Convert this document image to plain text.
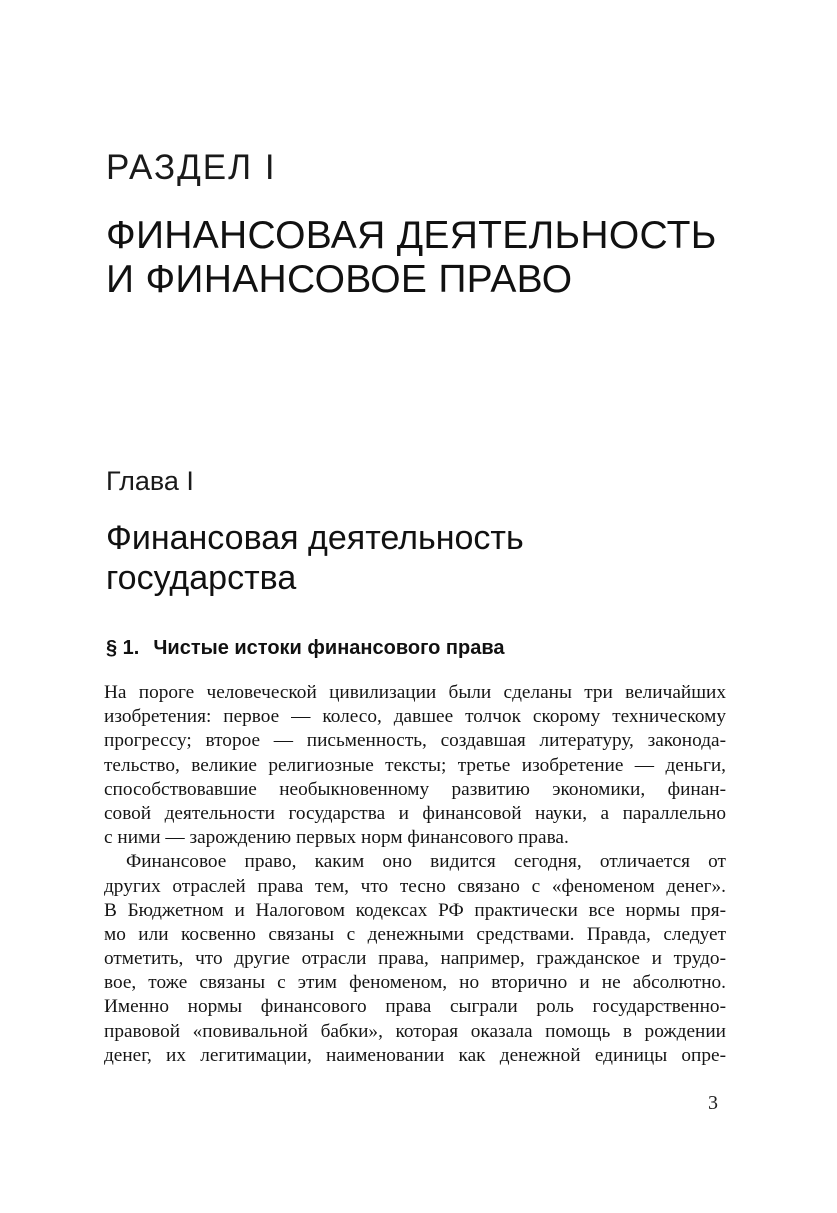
РАЗДЕЛ I
ФИНАНСОВАЯ ДЕЯТЕЛЬНОСТЬ
И ФИНАНСОВОЕ ПРАВО
Глава I
Финансовая деятельность
государства
§ 1. Чистые истоки финансового права
На пороге человеческой цивилизации были сделаны три величайших
изобретения: первое — колесо, давшее толчок скорому техническому
прогрессу; второе — письменность, создавшая литературу, законода-
тельство, великие религиозные тексты; третье изобретение — деньги,
способствовавшие необыкновенному развитию экономики, финан-
совой деятельности государства и финансовой науки, а параллельно
с ними — зарождению первых норм финансового права.
Финансовое право, каким оно видится сегодня, отличается от
других отраслей права тем, что тесно связано с «феноменом денег».
В Бюджетном и Налоговом кодексах РФ практически все нормы пря-
мо или косвенно связаны с денежными средствами. Правда, следует
отметить, что другие отрасли права, например, гражданское и трудо-
вое, тоже связаны с этим феноменом, но вторично и не абсолютно.
Именно нормы финансового права сыграли роль государственно-
правовой «повивальной бабки», которая оказала помощь в рождении
денег, их легитимации, наименовании как денежной единицы опре-
3
